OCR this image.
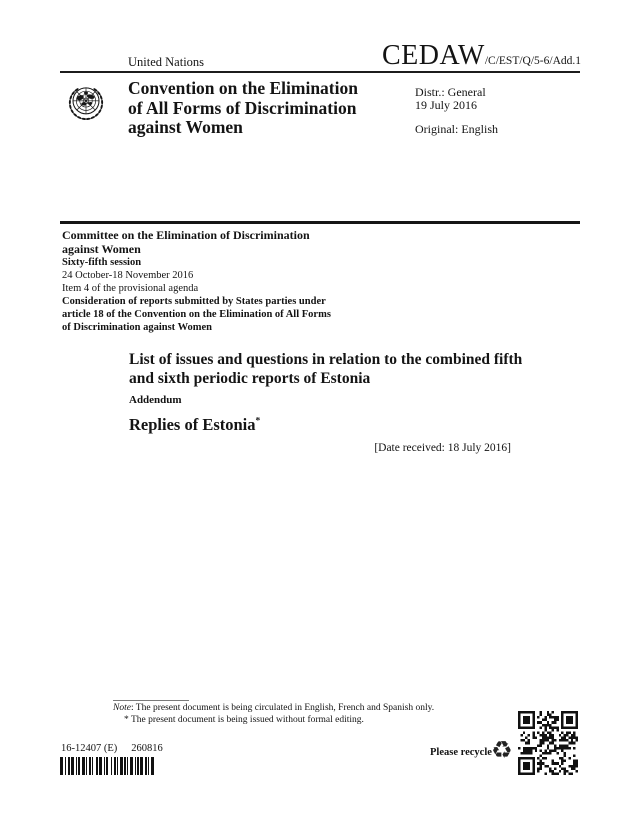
United Nations	CEDAW /C/EST/Q/5-6/Add.1
Convention on the Elimination
of All Forms of Discrimination
against Women
Distr.: General
19 July 2016
Original: English
Committee on the Elimination of Discrimination
against Women
Sixty-fifth session
24 October-18 November 2016
Item 4 of the provisional agenda
Consideration of reports submitted by States parties under
article 18 of the Convention on the Elimination of All Forms
of Discrimination against Women
List of issues and questions in relation to the combined fifth
and sixth periodic reports of Estonia
Addendum
Replies of Estonia*
[Date received: 18 July 2016]
Note: The present document is being circulated in English, French and Spanish only.
* The present document is being issued without formal editing.
16-12407 (E) 260816	Please recycle ♻
